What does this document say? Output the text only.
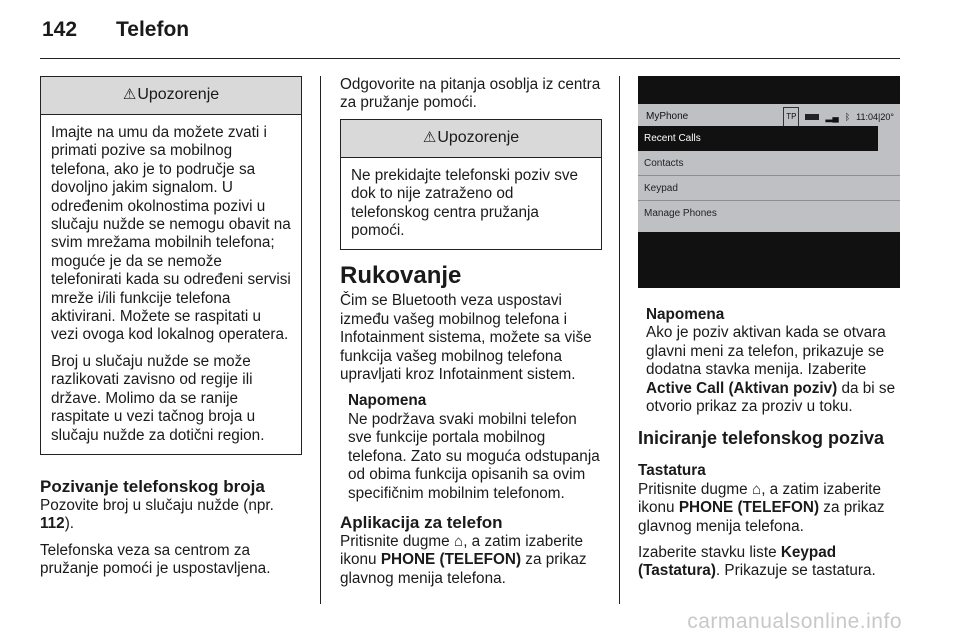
142 Telefon
⚠ Upozorenje

Imajte na umu da možete zvati i primati pozive sa mobilnog telefona, ako je to područje sa dovoljno jakim signalom. U određenim okolnostima pozivi u slučaju nužde se nemogu obavit na svim mrežama mobilnih telefona; moguće je da se nemože telefonirati kada su određeni servisi mreže i/ili funkcije telefona aktivirani. Možete se raspitati u vezi ovoga kod lokalnog operatera.

Broj u slučaju nužde se može razlikovati zavisno od regije ili države. Molimo da se ranije raspitate u vezi tačnog broja u slučaju nužde za dotični region.

Pozivanje telefonskog broja

Pozovite broj u slučaju nužde (npr. 112).

Telefonska veza sa centrom za pružanje pomoći je uspostavljena.

Odgovorite na pitanja osoblja iz centra za pružanje pomoći.

⚠ Upozorenje

Ne prekidajte telefonski poziv sve dok to nije zatraženo od telefonskog centra pružanja pomoći.

Rukovanje

Čim se Bluetooth veza uspostavi između vašeg mobilnog telefona i Infotainment sistema, možete sa više funkcija vašeg mobilnog telefona upravljati kroz Infotainment sistem.

Napomena
Ne podržava svaki mobilni telefon sve funkcije portala mobilnog telefona. Zato su moguća odstupanja od obima funkcija opisanih sa ovim specifičnim mobilnim telefonom.
Aplikacija za telefon

Pritisnite dugme ⌂, a zatim izaberite ikonu PHONE (TELEFON) za prikaz glavnog menija telefona.

MyPhone	TP	▂▄ ᛒ 11:04|20°
Recent Calls
Contacts
Keypad
Manage Phones
Napomena
Ako je poziv aktivan kada se otvara glavni meni za telefon, prikazuje se dodatna stavka menija. Izaberite Active Call (Aktivan poziv) da bi se otvorio prikaz za proziv u toku.
Iniciranje telefonskog poziva
Tastatura

Pritisnite dugme ⌂, a zatim izaberite ikonu PHONE (TELEFON) za prikaz glavnog menija telefona.

Izaberite stavku liste Keypad (Tastatura). Prikazuje se tastatura.

carmanualsonline.info
